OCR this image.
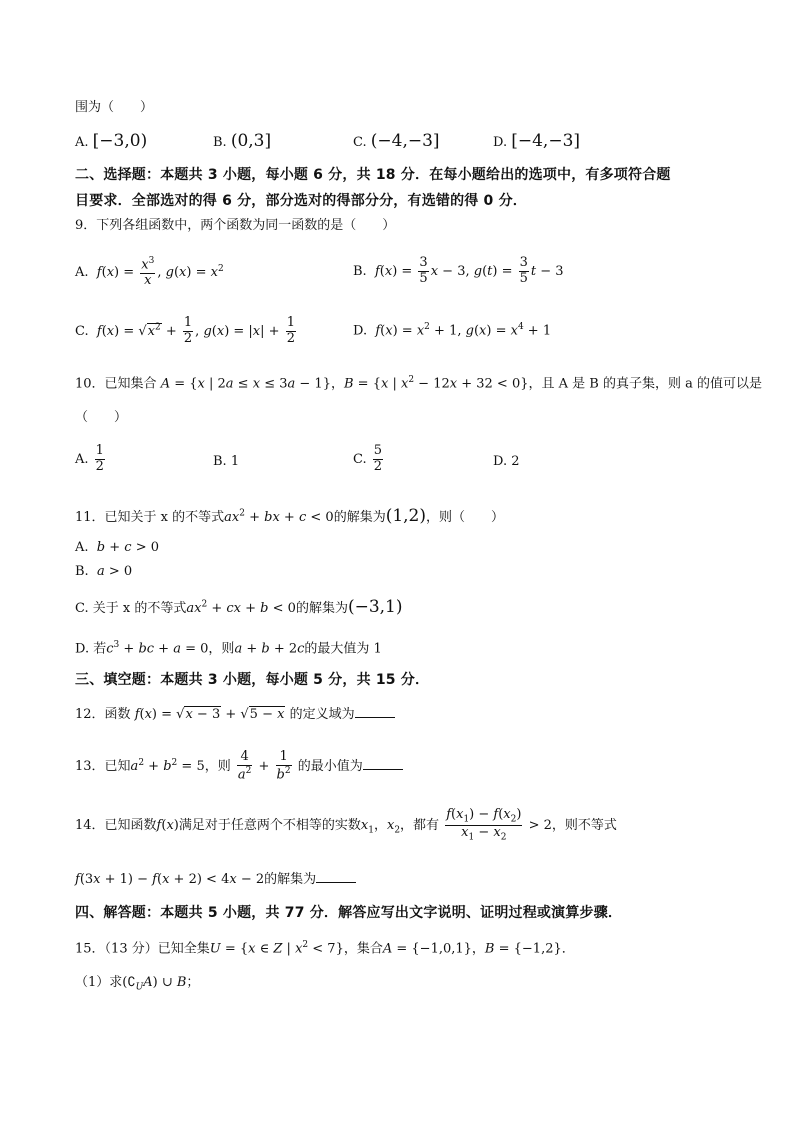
围为（　　）
A. [−3,0)	B. (0,3]	C. (−4,−3]	D. [−4,−3]
二、选择题：本题共 3 小题，每小题 6 分，共 18 分．在每小题给出的选项中，有多项符合题
目要求．全部选对的得 6 分，部分选对的得部分分，有选错的得 0 分．
9．下列各组函数中，两个函数为同一函数的是（　　）
A. $f(x) = \frac{x^3}{x}$ , $g(x) = x^2$	B. $f(x) = \frac{3}{5}$ x − 3, $g(t) = \frac{3}{5}$ t − 3
C. $f(x) = √x^2 + \frac{1}{2}$ , $g(x) = |x| + \frac{1}{2}$	D. $f(x) = x^2 + 1$, $g(x) = x^4 + 1$
10．已知集合 A = {x | 2a ≤ x ≤ 3a − 1}，B = {x | $x^2 - 12x + 32 < 0$}，且 A 是 B 的真子集，则 a 的值可以是
（　　）
A. $\frac{1}{2}$	B. 1	C. $\frac{5}{2}$	D. 2
11．已知关于 x 的不等式$ax^2$ + bx + c < 0的解集为(1,2)，则（　　）
A. b + c > 0
B. a > 0
C. 关于 x 的不等式$ax^2$ + cx + b < 0的解集为(−3,1)
D. 若$c^3$ + bc + a = 0，则a + b + 2c的最大值为 1
三、填空题：本题共 3 小题，每小题 5 分，共 15 分．
12．函数 f(x) = √x − 3 + √5 − x 的定义域为
13．已知$a^2 + b^2 = 5$，则 $\frac{4}{a^2} + \frac{1}{b^2}$ 的最小值为
14．已知函数f(x)满足对于任意两个不相等的实数$x_1$，$x_2$，都有 $\frac{f(x_1) - f(x_2)}{x_1 - x_2} > 2$，则不等式
f(3x + 1) − f(x + 2) < 4x − 2的解集为
四、解答题：本题共 5 小题，共 77 分．解答应写出文字说明、证明过程或演算步骤．
15．（13 分）已知全集U = {x ∈ Z | $x^2 < 7$}，集合A = {−1,0,1}，B = {−1,2}．
（1）求$(∁_UA)$ ∪ B；
